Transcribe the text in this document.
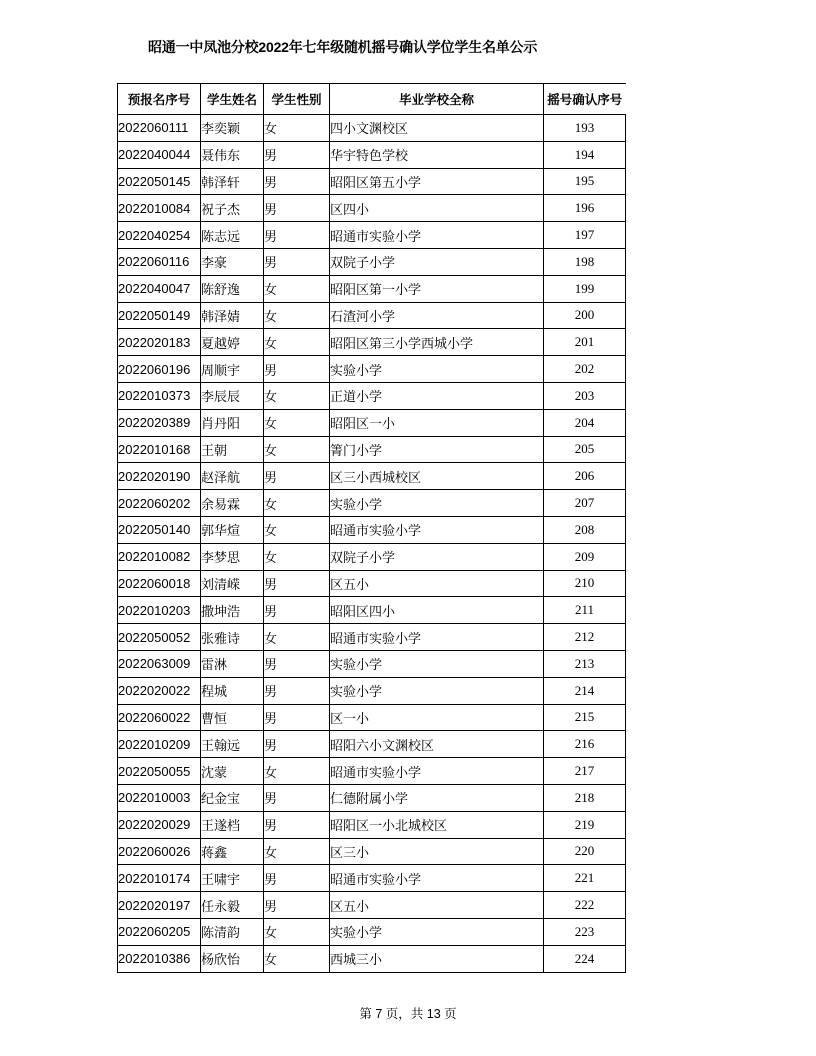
昭通一中凤池分校2022年七年级随机摇号确认学位学生名单公示
预报名序号	学生姓名	学生性别	毕业学校全称	摇号确认序号
2022060111	李奕颖	女	四小文渊校区	193
2022040044	聂伟东	男	华宇特色学校	194
2022050145	韩泽轩	男	昭阳区第五小学	195
2022010084	祝子杰	男	区四小	196
2022040254	陈志远	男	昭通市实验小学	197
2022060116	李豪	男	双院子小学	198
2022040047	陈舒逸	女	昭阳区第一小学	199
2022050149	韩泽婧	女	石渣河小学	200
2022020183	夏越婷	女	昭阳区第三小学西城小学	201
2022060196	周顺宇	男	实验小学	202
2022010373	李辰辰	女	正道小学	203
2022020389	肖丹阳	女	昭阳区一小	204
2022010168	王朝	女	箐门小学	205
2022020190	赵泽航	男	区三小西城校区	206
2022060202	余易霖	女	实验小学	207
2022050140	郭华煊	女	昭通市实验小学	208
2022010082	李梦思	女	双院子小学	209
2022060018	刘清嵘	男	区五小	210
2022010203	撒坤浩	男	昭阳区四小	211
2022050052	张雅诗	女	昭通市实验小学	212
2022063009	雷淋	男	实验小学	213
2022020022	程城	男	实验小学	214
2022060022	曹恒	男	区一小	215
2022010209	王翰远	男	昭阳六小文渊校区	216
2022050055	沈蒙	女	昭通市实验小学	217
2022010003	纪金宝	男	仁德附属小学	218
2022020029	王遂档	男	昭阳区一小北城校区	219
2022060026	蒋鑫	女	区三小	220
2022010174	王啸宇	男	昭通市实验小学	221
2022020197	任永毅	男	区五小	222
2022060205	陈清韵	女	实验小学	223
2022010386	杨欣怡	女	西城三小	224
第 7 页，共 13 页
